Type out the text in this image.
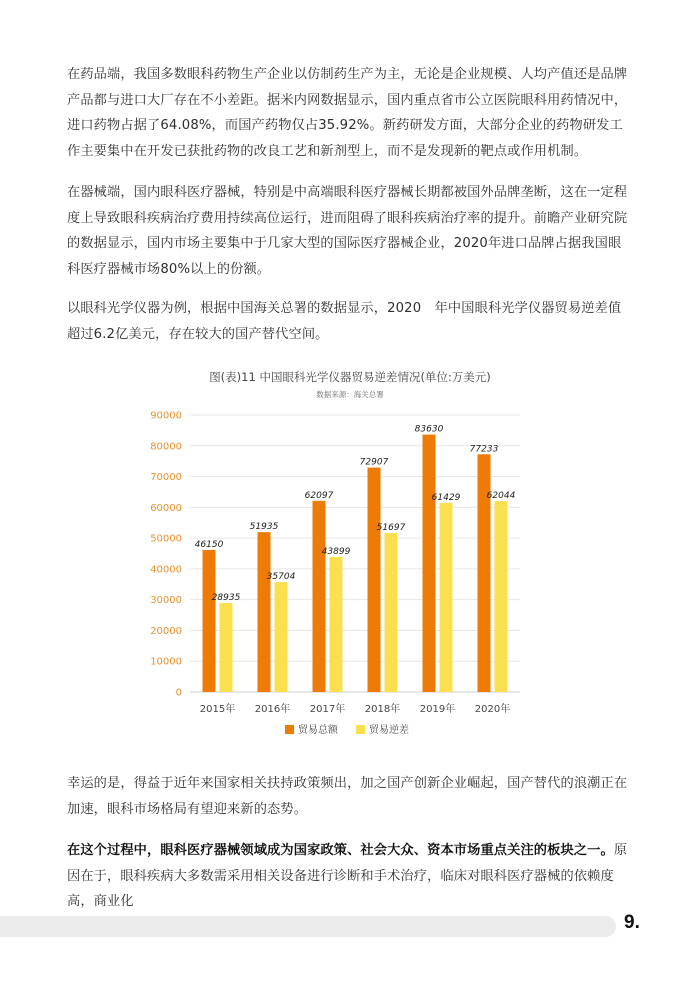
在药品端，我国多数眼科药物生产企业以仿制药生产为主，无论是企业规模、人均产值还是品牌产品都与进口大厂存在不小差距。据米内网数据显示，国内重点省市公立医院眼科用药情况中，进口药物占据了64.08%，而国产药物仅占35.92%。新药研发方面，大部分企业的药物研发工作主要集中在开发已获批药物的改良工艺和新剂型上，而不是发现新的靶点或作用机制。

在器械端，国内眼科医疗器械，特别是中高端眼科医疗器械长期都被国外品牌垄断，这在一定程度上导致眼科疾病治疗费用持续高位运行，进而阻碍了眼科疾病治疗率的提升。前瞻产业研究院的数据显示，国内市场主要集中于几家大型的国际医疗器械企业，2020年进口品牌占据我国眼科医疗器械市场80%以上的份额。

以眼科光学仪器为例，根据中国海关总署的数据显示，2020　年中国眼科光学仪器贸易逆差值超过6.2亿美元，存在较大的国产替代空间。

图(表)11 中国眼科光学仪器贸易逆差情况(单位:万美元)
数据来源：海关总署
0
10000
20000
30000
40000
50000
60000
70000
80000
90000
46150
28935
2015年
51935
35704
2016年
62097
43899
2017年
72907
51697
2018年
83630
61429
2019年
77233
62044
2020年
贸易总额	贸易逆差

幸运的是，得益于近年来国家相关扶持政策频出，加之国产创新企业崛起，国产替代的浪潮正在加速，眼科市场格局有望迎来新的态势。

在这个过程中，眼科医疗器械领域成为国家政策、社会大众、资本市场重点关注的板块之一。原因在于，眼科疾病大多数需采用相关设备进行诊断和手术治疗，临床对眼科医疗器械的依赖度高，商业化

9.
